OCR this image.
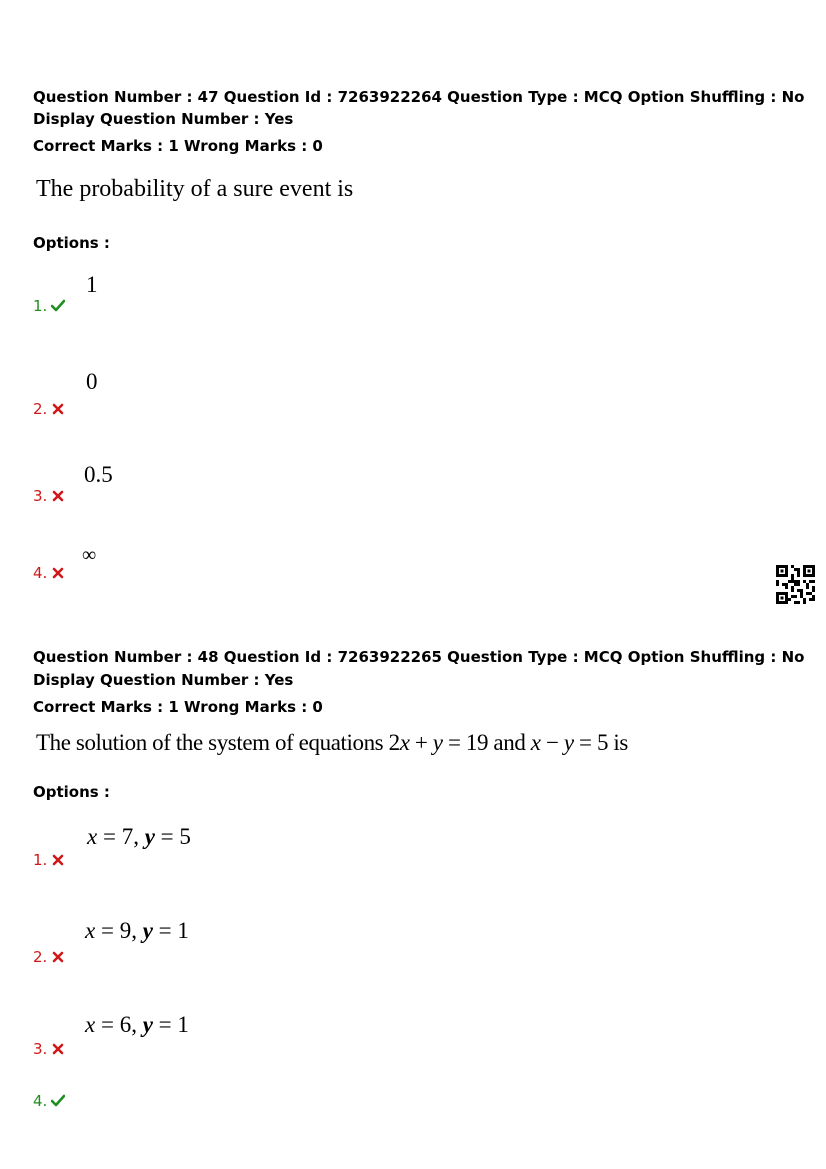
Question Number : 47 Question Id : 7263922264 Question Type : MCQ Option Shuffling : No
Display Question Number : Yes
Correct Marks : 1 Wrong Marks : 0
The probability of a sure event is
Options :
1.
1
2.
0
3.
0.5
4.
∞
Question Number : 48 Question Id : 7263922265 Question Type : MCQ Option Shuffling : No
Display Question Number : Yes
Correct Marks : 1 Wrong Marks : 0
The solution of the system of equations 2x + y = 19 and x − y = 5 is
Options :
1.
x = 7, y = 5
2.
x = 9, y = 1
3.
x = 6, y = 1
4.
